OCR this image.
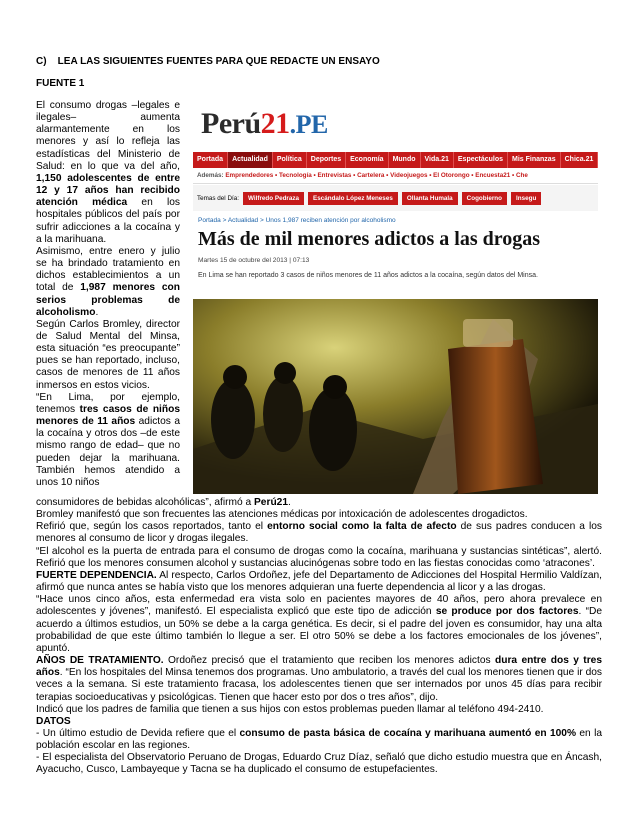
C)    LEA LAS SIGUIENTES FUENTES PARA QUE REDACTE UN ENSAYO
FUENTE 1

El consumo drogas –legales e ilegales– aumenta alarmantemente en los menores y así lo refleja las estadísticas del Ministerio de Salud: en lo que va del año, 1,150 adolescentes de entre 12 y 17 años han recibido atención médica en los hospitales públicos del país por sufrir adicciones a la cocaína y a la marihuana.

Asimismo, entre enero y julio se ha brindado tratamiento en dichos establecimientos a un total de 1,987 menores con serios problemas de alcoholismo.

Según Carlos Bromley, director de Salud Mental del Minsa, esta situación “es preocupante” pues se han reportado, incluso, casos de menores de 11 años inmersos en estos vicios.

“En Lima, por ejemplo, tenemos tres casos de niños menores de 11 años adictos a la cocaína y otros dos –de este mismo rango de edad– que no pueden dejar la marihuana. También hemos atendido a unos 10 niños

Perú21.PE
Portada	Actualidad	Política	Deportes	Economía	Mundo	Vida.21	Espectáculos	Mis Finanzas	Chica.21
Además: Emprendedores • Tecnología • Entrevistas • Cartelera • Videojuegos • El Otorongo • Encuesta21 • Che
Temas del Día:	Wilfredo Pedraza	Escándalo López Meneses	Ollanta Humala	Cogobierno	Insegu
Portada > Actualidad > Unos 1,987 reciben atención por alcoholismo
Más de mil menores adictos a las drogas
Martes 15 de octubre del 2013 | 07:13
En Lima se han reportado 3 casos de niños menores de 11 años adictos a la cocaína, según datos del Minsa.

consumidores de bebidas alcohólicas”, afirmó a Perú21.

Bromley manifestó que son frecuentes las atenciones médicas por intoxicación de adolescentes drogadictos.

Refirió que, según los casos reportados, tanto el entorno social como la falta de afecto de sus padres conducen a los menores al consumo de licor y drogas ilegales.

“El alcohol es la puerta de entrada para el consumo de drogas como la cocaína, marihuana y sustancias sintéticas”, alertó. Refirió que los menores consumen alcohol y sustancias alucinógenas sobre todo en las fiestas conocidas como ‘atracones’.

FUERTE DEPENDENCIA. Al respecto, Carlos Ordoñez, jefe del Departamento de Adicciones del Hospital Hermilio Valdízan, afirmó que nunca antes se había visto que los menores adquieran una fuerte dependencia al licor y a las drogas.

“Hace unos cinco años, esta enfermedad era vista solo en pacientes mayores de 40 años, pero ahora prevalece en adolescentes y jóvenes”, manifestó. El especialista explicó que este tipo de adicción se produce por dos factores. “De acuerdo a últimos estudios, un 50% se debe a la carga genética. Es decir, si el padre del joven es consumidor, hay una alta probabilidad de que este último también lo llegue a ser. El otro 50% se debe a los factores emocionales de los jóvenes”, apuntó.

AÑOS DE TRATAMIENTO. Ordoñez precisó que el tratamiento que reciben los menores adictos dura entre dos y tres años. “En los hospitales del Minsa tenemos dos programas. Uno ambulatorio, a través del cual los menores tienen que ir dos veces a la semana. Si este tratamiento fracasa, los adolescentes tienen que ser internados por unos 45 días para recibir terapias socioeducativas y psicológicas. Tienen que hacer esto por dos o tres años”, dijo.

Indicó que los padres de familia que tienen a sus hijos con estos problemas pueden llamar al teléfono 494-2410.

DATOS

- Un último estudio de Devida refiere que el consumo de pasta básica de cocaína y marihuana aumentó en 100% en la población escolar en las regiones.

- El especialista del Observatorio Peruano de Drogas, Eduardo Cruz Díaz, señaló que dicho estudio muestra que en Áncash, Ayacucho, Cusco, Lambayeque y Tacna se ha duplicado el consumo de estupefacientes.
